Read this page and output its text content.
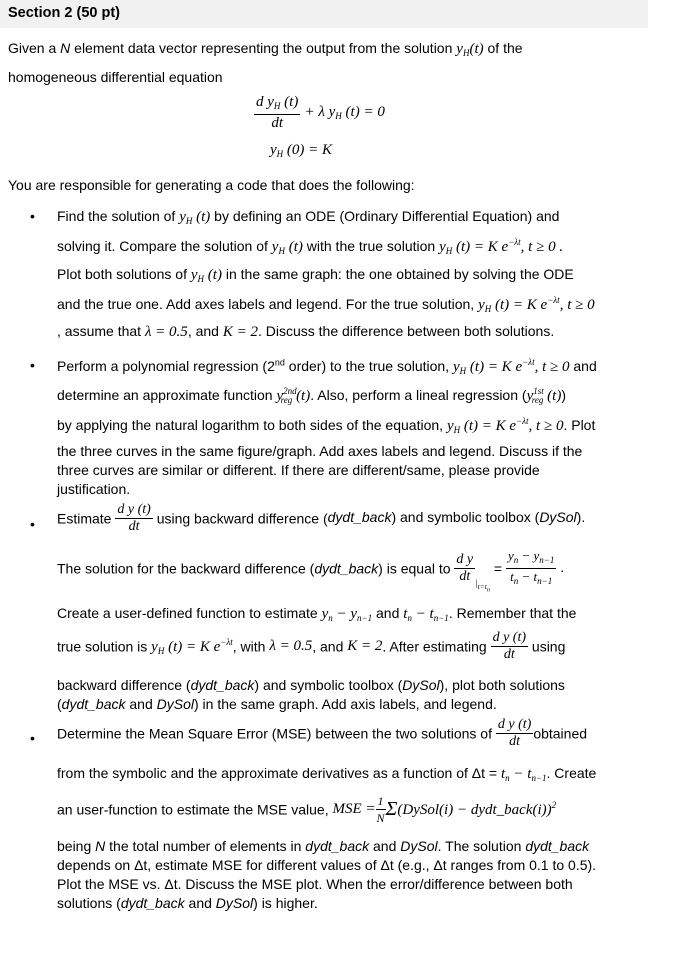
Section 2 (50 pt)
Given a N element data vector representing the output from the solution $y_H(t)$ of the
homogeneous differential equation
$\frac{d y_H (t)}{dt} + \lambda$ $y_H$ (t) = 0
$y_H$ (0) = K
You are responsible for generating a code that does the following:
• Find the solution of $y_H$ (t) by defining an ODE (Ordinary Differential Equation) and
solving it. Compare the solution of $y_H$ (t) with the true solution $y_H$ (t) = K $e^{-\lambda t}$, t ≥ 0 .
Plot both solutions of $y_H$ (t) in the same graph: the one obtained by solving the ODE
and the true one. Add axes labels and legend. For the true solution, $y_H$ (t) = K $e^{-\lambda t}$, t ≥ 0
, assume that λ = 0.5, and K = 2. Discuss the difference between both solutions.
• Perform a polynomial regression (2nd order) to the true solution, $y_H$ (t) = K $e^{-\lambda t}$, t ≥ 0 and
determine an approximate function $y^{2nd}_{reg}$ (t). Also, perform a lineal regression ($y^{1st}_{reg}$ (t))
by applying the natural logarithm to both sides of the equation, $y_H$ (t) = K $e^{-\lambda t}$, t ≥ 0. Plot
the three curves in the same figure/graph. Add axes labels and legend. Discuss if the
three curves are similar or different. If there are different/same, please provide
justification.
• Estimate $\frac{\text{d y (t)}}{dt}$ using backward difference (dydt_back) and symbolic toolbox (DySol).
The solution for the backward difference (dydt_back) is equal to $\frac{\text{d y}}{dt} _{|_{t=t_n}} = \frac{y_n - y_{n-1}}{t_n - t_{n-1}}$ .
Create a user-defined function to estimate $y_n - y_{n-1}$ and $t_n - t_{n-1}$. Remember that the
true solution is $y_H$ (t) = K $e^{-\lambda t}$, with λ = 0.5, and K = 2. After estimating $\frac{\text{d y (t)}}{dt}$ using
backward difference (dydt_back) and symbolic toolbox (DySol), plot both solutions
(dydt_back and DySol) in the same graph. Add axis labels, and legend.
• Determine the Mean Square Error (MSE) between the two solutions of $\frac{\text{d y (t)}}{dt}$ obtained
from the symbolic and the approximate derivatives as a function of $\Delta t = t_n - t_{n-1}$. Create
an user-function to estimate the MSE value, MSE = $\frac{1}{N}$ Σ(DySol(i) − dydt_back(i))$^2$
being N the total number of elements in dydt_back and DySol. The solution dydt_back
depends on Δt, estimate MSE for different values of Δt (e.g., Δt ranges from 0.1 to 0.5).
Plot the MSE vs. Δt. Discuss the MSE plot. When the error/difference between both
solutions (dydt_back and DySol) is higher.
